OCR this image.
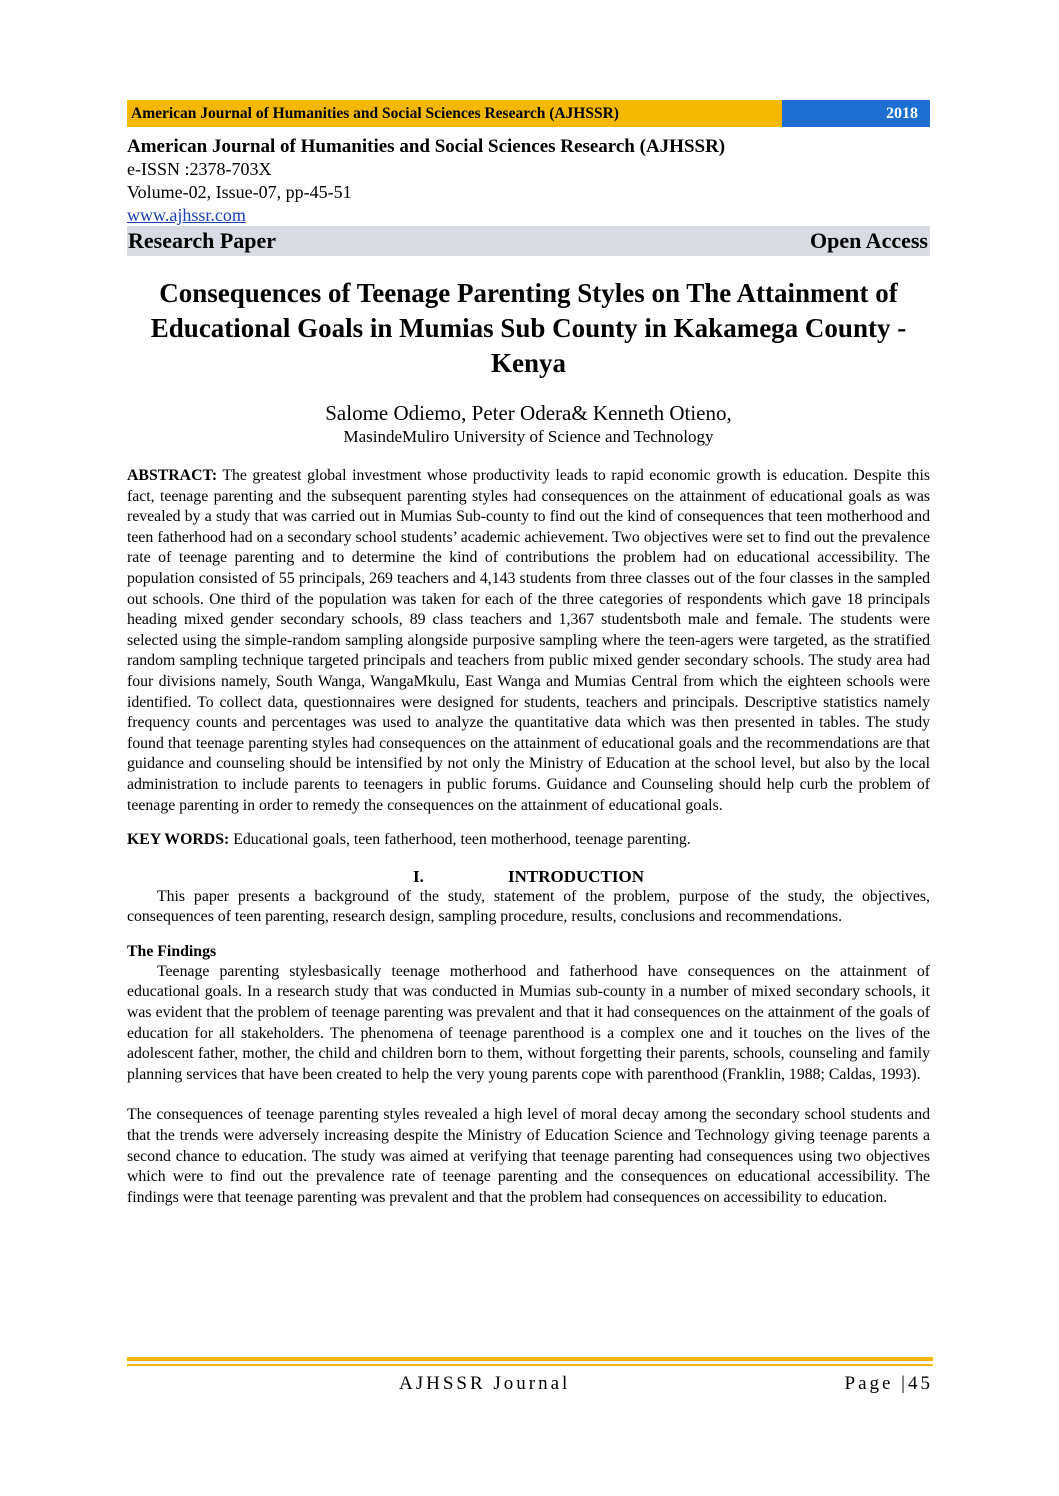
American Journal of Humanities and Social Sciences Research (AJHSSR)	2018
American Journal of Humanities and Social Sciences Research (AJHSSR)
e-ISSN :2378-703X
Volume-02, Issue-07, pp-45-51
www.ajhssr.com
Research Paper	Open Access
Consequences of Teenage Parenting Styles on The Attainment of Educational Goals in Mumias Sub County in Kakamega County - Kenya
Salome Odiemo, Peter Odera& Kenneth Otieno,
MasindeMuliro University of Science and Technology
ABSTRACT: The greatest global investment whose productivity leads to rapid economic growth is education. Despite this fact, teenage parenting and the subsequent parenting styles had consequences on the attainment of educational goals as was revealed by a study that was carried out in Mumias Sub-county to find out the kind of consequences that teen motherhood and teen fatherhood had on a secondary school students’ academic achievement. Two objectives were set to find out the prevalence rate of teenage parenting and to determine the kind of contributions the problem had on educational accessibility. The population consisted of 55 principals, 269 teachers and 4,143 students from three classes out of the four classes in the sampled out schools. One third of the population was taken for each of the three categories of respondents which gave 18 principals heading mixed gender secondary schools, 89 class teachers and 1,367 studentsboth male and female. The students were selected using the simple-random sampling alongside purposive sampling where the teen-agers were targeted, as the stratified random sampling technique targeted principals and teachers from public mixed gender secondary schools. The study area had four divisions namely, South Wanga, WangaMkulu, East Wanga and Mumias Central from which the eighteen schools were identified. To collect data, questionnaires were designed for students, teachers and principals. Descriptive statistics namely frequency counts and percentages was used to analyze the quantitative data which was then presented in tables. The study found that teenage parenting styles had consequences on the attainment of educational goals and the recommendations are that guidance and counseling should be intensified by not only the Ministry of Education at the school level, but also by the local administration to include parents to teenagers in public forums. Guidance and Counseling should help curb the problem of teenage parenting in order to remedy the consequences on the attainment of educational goals.
KEY WORDS: Educational goals, teen fatherhood, teen motherhood, teenage parenting.
I.	INTRODUCTION
This paper presents a background of the study, statement of the problem, purpose of the study, the objectives, consequences of teen parenting, research design, sampling procedure, results, conclusions and recommendations.
The Findings
Teenage parenting stylesbasically teenage motherhood and fatherhood have consequences on the attainment of educational goals. In a research study that was conducted in Mumias sub-county in a number of mixed secondary schools, it was evident that the problem of teenage parenting was prevalent and that it had consequences on the attainment of the goals of education for all stakeholders. The phenomena of teenage parenthood is a complex one and it touches on the lives of the adolescent father, mother, the child and children born to them, without forgetting their parents, schools, counseling and family planning services that have been created to help the very young parents cope with parenthood (Franklin, 1988; Caldas, 1993).
The consequences of teenage parenting styles revealed a high level of moral decay among the secondary school students and that the trends were adversely increasing despite the Ministry of Education Science and Technology giving teenage parents a second chance to education. The study was aimed at verifying that teenage parenting had consequences using two objectives which were to find out the prevalence rate of teenage parenting and the consequences on educational accessibility. The findings were that teenage parenting was prevalent and that the problem had consequences on accessibility to education.
AJHSSR Journal	Page |45
